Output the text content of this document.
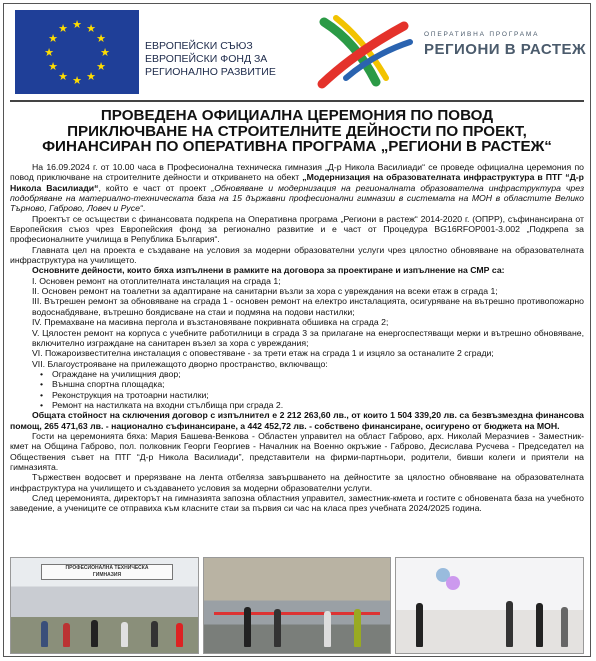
★ ★
★
★
★
★
★
★
★
★
★
★
ЕВРОПЕЙСКИ СЪЮЗ
ЕВРОПЕЙСКИ ФОНД ЗА
РЕГИОНАЛНО РАЗВИТИЕ
ОПЕРАТИВНА ПРОГРАМА
РЕГИОНИ В РАСТЕЖ
ПРОВЕДЕНА ОФИЦИАЛНА ЦЕРЕМОНИЯ ПО ПОВОД
ПРИКЛЮЧВАНЕ НА СТРОИТЕЛНИТЕ ДЕЙНОСТИ ПО ПРОЕКТ,
ФИНАНСИРАН ПО ОПЕРАТИВНА ПРОГРАМА „РЕГИОНИ В РАСТЕЖ“

На 16.09.2024 г. от 10.00 часа в Професионална техническа гимназия „Д-р Никола Василиади“ се проведе официална церемония по повод приключване на строителните дейности и откриването на обект „Модернизация на образователната инфраструктура в ПТГ “Д-р Никола Василиади“, който е част от проект „Обновяване и модернизация на регионалната образователна инфраструктура чрез подобряване на материално-техническата база на 15 държавни професионални гимназии в системата на МОН в областите Велико Търново, Габрово, Ловеч и Русе“.

Проектът се осъществи с финансовата подкрепа на Оперативна програма „Региони в растеж“ 2014-2020 г. (ОПРР), съфинансирана от Европейския съюз чрез Европейския фонд за регионално развитие и е част от Процедура BG16RFOP001-3.002 „Подкрепа за професионалните училища в Република България“.

Главната цел на проекта е създаване на условия за модерни образователни услуги чрез цялостно обновяване на образователната инфраструктура на училището.

Основните дейности, които бяха изпълнени в рамките на договора за проектиране и изпълнение на СМР са:

I. Основен ремонт на отоплителната инсталация на сграда 1;

II. Основен ремонт на тоалетни за адаптиране на санитарни възли за хора с увреждания на всеки етаж в сграда 1;

III. Вътрешен ремонт за обновяване на сграда 1 - основен ремонт на електро инсталацията, осигуряване на вътрешно противопожарно водоснабдяване, вътрешно боядисване на стаи и подмяна на подови настилки;

IV. Премахване на масивна пергола и възстановяване покривната обшивка на сграда 2;

V. Цялостен ремонт на корпуса с учебните работилници в сграда 3 за прилагане на енергоспестяващи мерки и вътрешно обновяване, включително изграждане на санитарен възел за хора с увреждания;

VI. Пожароизвестителна инсталация с оповестяване - за трети етаж на сграда 1 и изцяло за останалите 2 сгради;

VII. Благоустрояване на прилежащото дворно пространство, включващо:

• Ограждане на училищния двор;

• Външна спортна площадка;

• Реконструкция на тротоарни настилки;

• Ремонт на настилката на входни стълбища при сграда 2.

Общата стойност на сключения договор с изпълнител е 2 212 263,60 лв., от които 1 504 339,20 лв. са безвъзмездна финансова помощ, 265 471,63 лв. - национално съфинансиране, а 442 452,72 лв. - собствено финансиране, осигурено от бюджета на МОН.

Гости на церемонията бяха: Мария Башева-Венкова - Областен управител на област Габрово, арх. Николай Меразчиев - Заместник-кмет на Община Габрово, пол. полковник Георги Георгиев - Началник на Военно окръжие - Габрово, Десислава Русчева - Председател на Обществения съвет на ПТГ “Д-р Никола Василиади”, представители на фирми-партньори, родители, бивши колеги и приятели на гимназията.

Тържествен водосвет и прерязване на лента отбеляза завършването на дейностите за цялостно обновяване на образователната инфраструктура на училището и създаването условия за модерни образователни услуги.

След церемонията, директорът на гимназията запозна областния управител, заместник-кмета и гостите с обновената база на учебното заведение, а учениците се отправиха към класните стаи за първия си час на класа през учебната 2024/2025 година.

ПРОФЕСИОНАЛНА ТЕХНИЧЕСКА
ГИМНАЗИЯ
